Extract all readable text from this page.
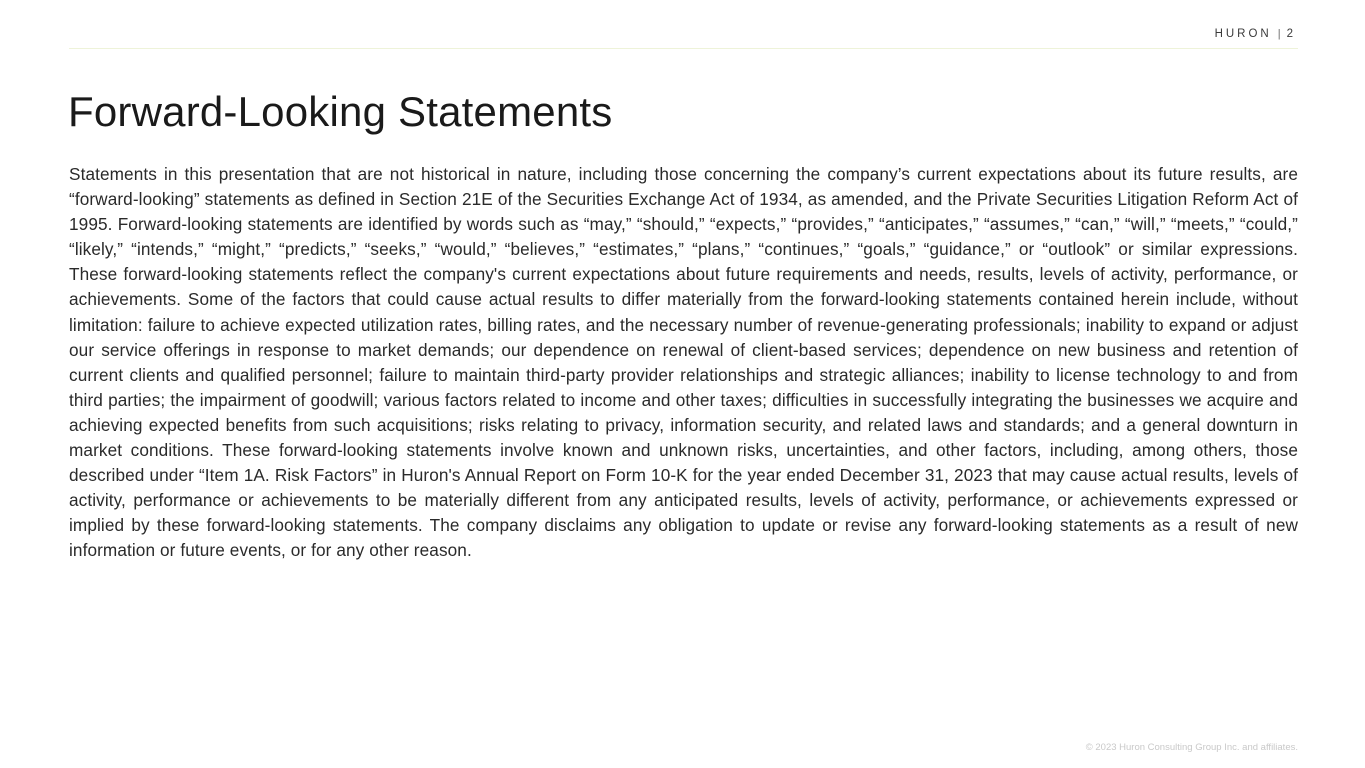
HURON | 2
Forward-Looking Statements

Statements in this presentation that are not historical in nature, including those concerning the company’s current expectations about its future results, are “forward-looking” statements as defined in Section 21E of the Securities Exchange Act of 1934, as amended, and the Private Securities Litigation Reform Act of 1995. Forward-looking statements are identified by words such as “may,” “should,” “expects,” “provides,” “anticipates,” “assumes,” “can,” “will,” “meets,” “could,” “likely,” “intends,” “might,” “predicts,” “seeks,” “would,” “believes,” “estimates,” “plans,” “continues,” “goals,” “guidance,” or “outlook” or similar expressions. These forward-looking statements reflect the company's current expectations about future requirements and needs, results, levels of activity, performance, or achievements. Some of the factors that could cause actual results to differ materially from the forward-looking statements contained herein include, without limitation: failure to achieve expected utilization rates, billing rates, and the necessary number of revenue-generating professionals; inability to expand or adjust our service offerings in response to market demands; our dependence on renewal of client-based services; dependence on new business and retention of current clients and qualified personnel; failure to maintain third-party provider relationships and strategic alliances; inability to license technology to and from third parties; the impairment of goodwill; various factors related to income and other taxes; difficulties in successfully integrating the businesses we acquire and achieving expected benefits from such acquisitions; risks relating to privacy, information security, and related laws and standards; and a general downturn in market conditions. These forward-looking statements involve known and unknown risks, uncertainties, and other factors, including, among others, those described under “Item 1A. Risk Factors” in Huron's Annual Report on Form 10-K for the year ended December 31, 2023 that may cause actual results, levels of activity, performance or achievements to be materially different from any anticipated results, levels of activity, performance, or achievements expressed or implied by these forward-looking statements. The company disclaims any obligation to update or revise any forward-looking statements as a result of new information or future events, or for any other reason.

© 2023 Huron Consulting Group Inc. and affiliates.
